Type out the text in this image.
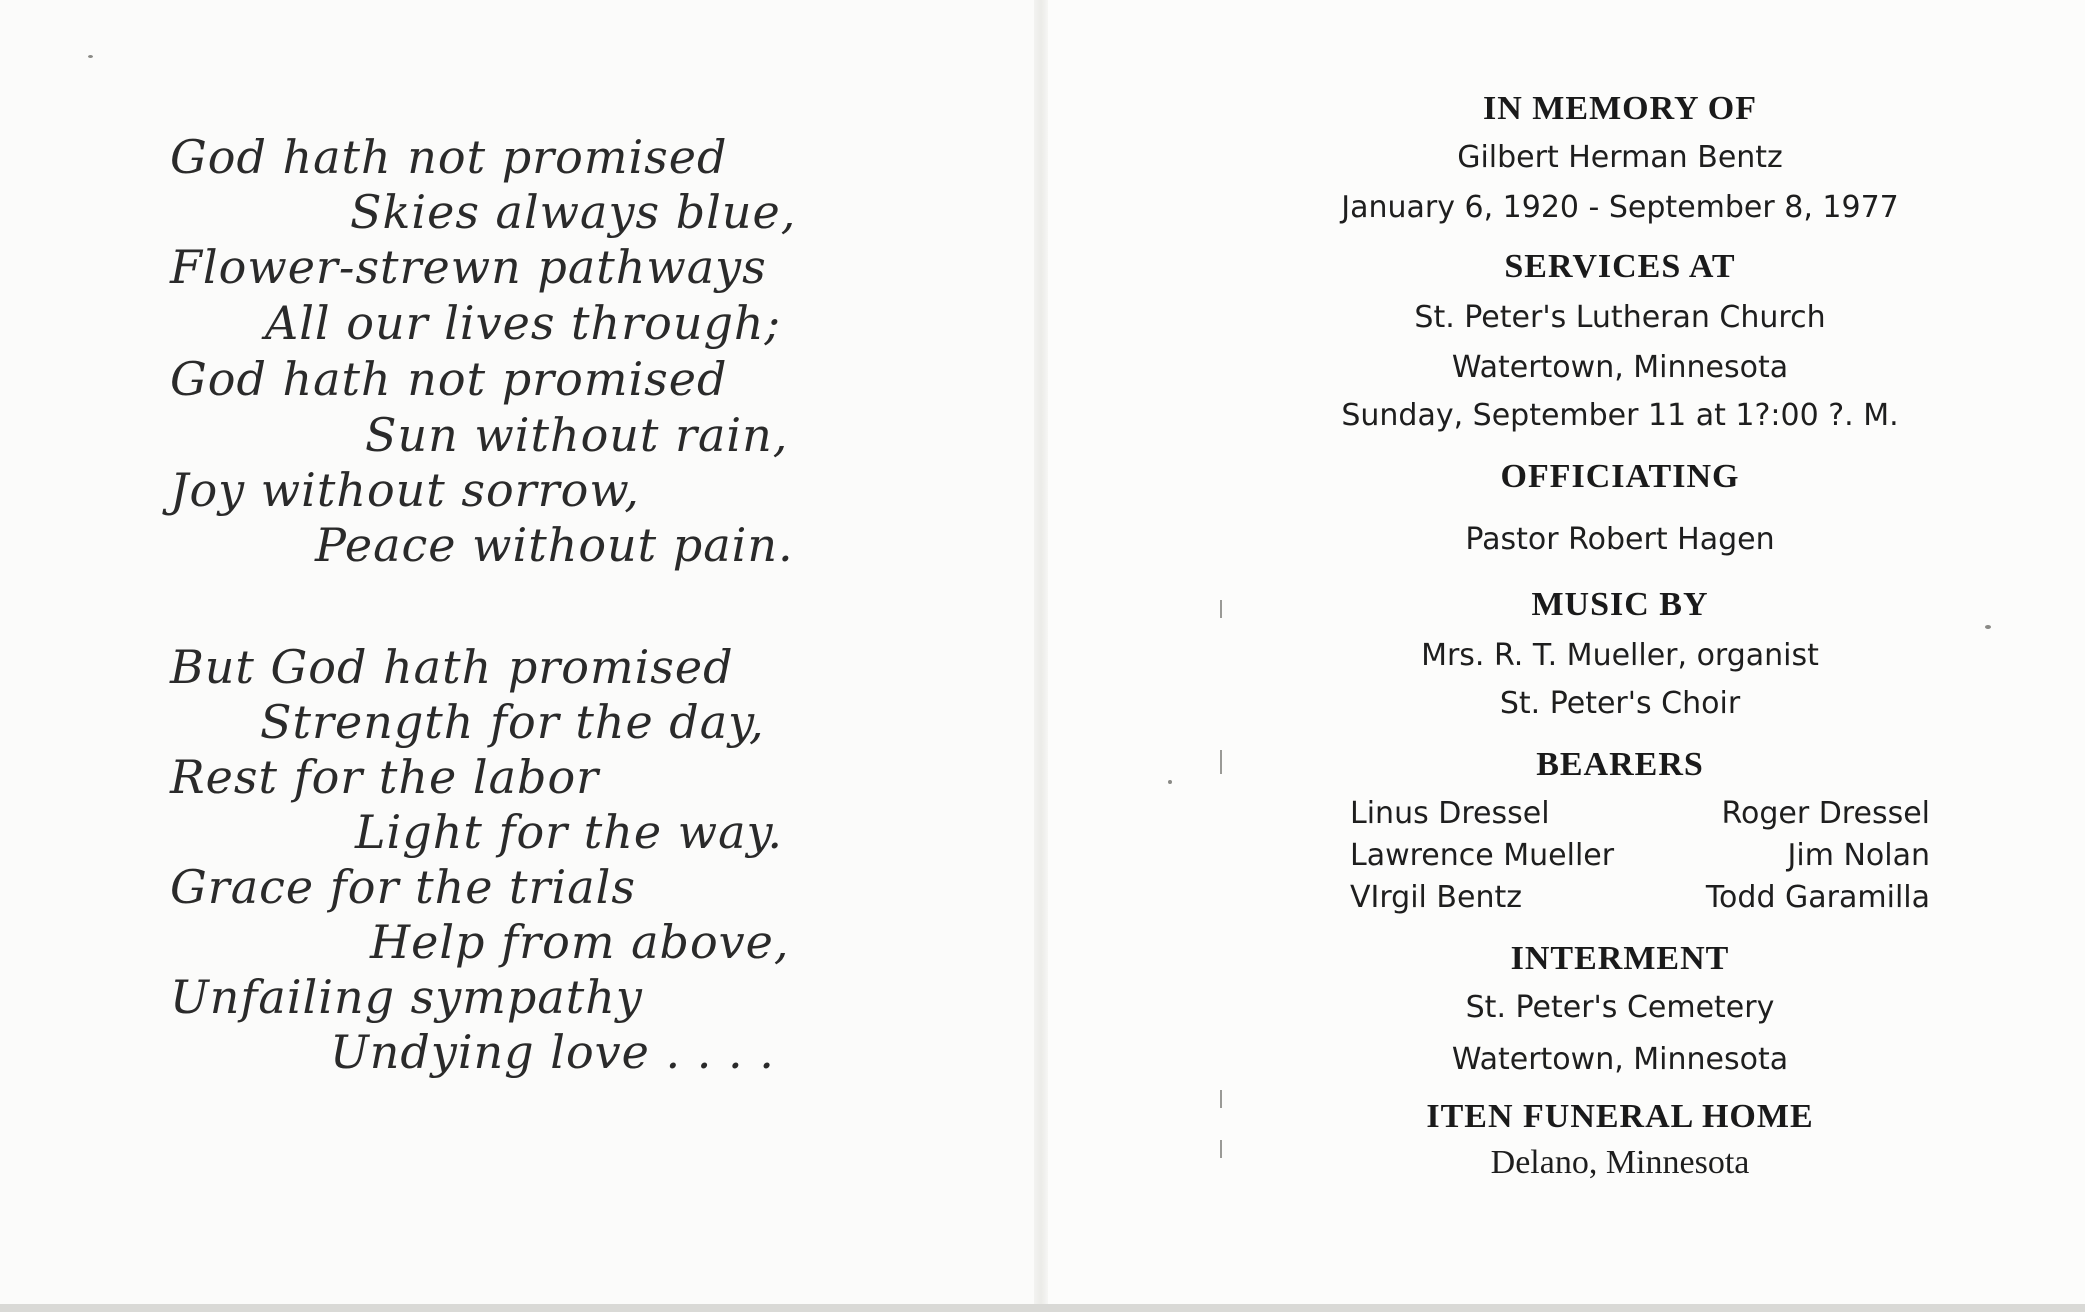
God hath not promised
Skies always blue,
Flower-strewn pathways
All our lives through;
God hath not promised
Sun without rain,
Joy without sorrow,
Peace without pain.
But God hath promised
Strength for the day,
Rest for the labor
Light for the way.
Grace for the trials
Help from above,
Unfailing sympathy
Undying love . . . .
IN MEMORY OF
Gilbert Herman Bentz
January 6, 1920 - September 8, 1977
SERVICES AT
St. Peter's Lutheran Church
Watertown, Minnesota
Sunday, September 11 at 1?:00 ?. M.
OFFICIATING
Pastor Robert Hagen
MUSIC BY
Mrs. R. T. Mueller, organist
St. Peter's Choir
BEARERS
Linus Dressel
Lawrence Mueller
VIrgil Bentz
Roger Dressel
Jim Nolan
Todd Garamilla
INTERMENT
St. Peter's Cemetery
Watertown, Minnesota
ITEN FUNERAL HOME
Delano, Minnesota
